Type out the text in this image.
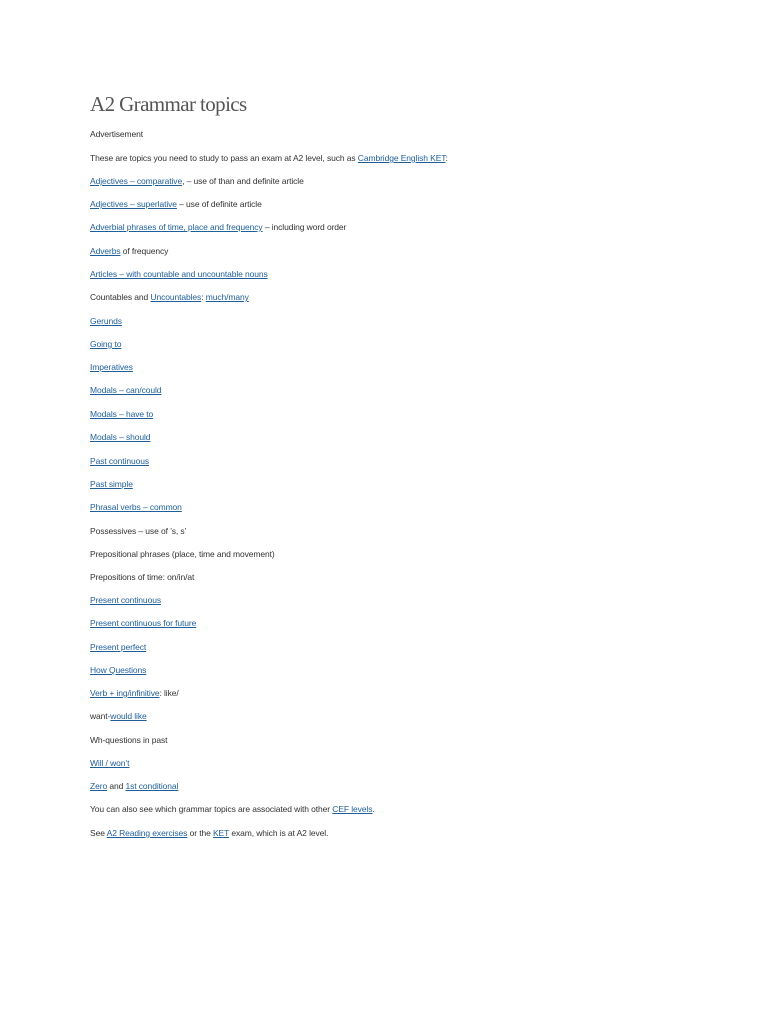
A2 Grammar topics
Advertisement
These are topics you need to study to pass an exam at A2 level, such as Cambridge English KET:
Adjectives – comparative, – use of than and definite article
Adjectives – superlative – use of definite article
Adverbial phrases of time, place and frequency – including word order
Adverbs of frequency
Articles – with countable and uncountable nouns
Countables and Uncountables: much/many
Gerunds
Going to
Imperatives
Modals – can/could
Modals – have to
Modals – should
Past continuous
Past simple
Phrasal verbs – common
Possessives – use of ’s, s’
Prepositional phrases (place, time and movement)
Prepositions of time: on/in/at
Present continuous
Present continuous for future
Present perfect
How Questions
Verb + ing/infinitive: like/
want-would like
Wh-questions in past
Will / won’t
Zero and 1st conditional
You can also see which grammar topics are associated with other CEF levels.
See A2 Reading exercises or the KET exam, which is at A2 level.
